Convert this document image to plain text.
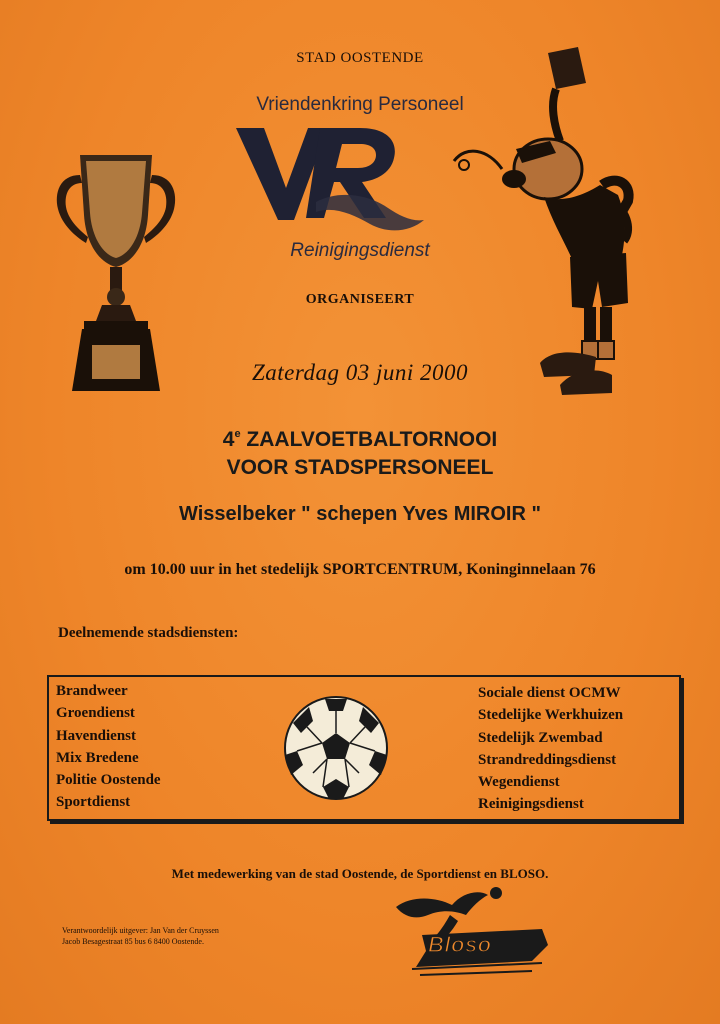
STAD OOSTENDE
Vriendenkring Personeel
Reinigingsdienst
ORGANISEERT
Zaterdag 03 juni 2000
4e ZAALVOETBALTORNOOI
VOOR STADSPERSONEEL
Wisselbeker " schepen Yves MIROIR "
om 10.00 uur in het stedelijk SPORTCENTRUM, Koninginnelaan 76
Deelnemende stadsdiensten:
Brandweer
Groendienst
Havendienst
Mix Bredene
Politie Oostende
Sportdienst
Sociale dienst OCMW
Stedelijke Werkhuizen
Stedelijk Zwembad
Strandreddingsdienst
Wegendienst
Reinigingsdienst
Met medewerking van de stad Oostende, de Sportdienst en BLOSO.
Verantwoordelijk uitgever: Jan Van der Cruyssen
Jacob Besagestraat 85 bus 6 8400 Oostende.	Bloso
